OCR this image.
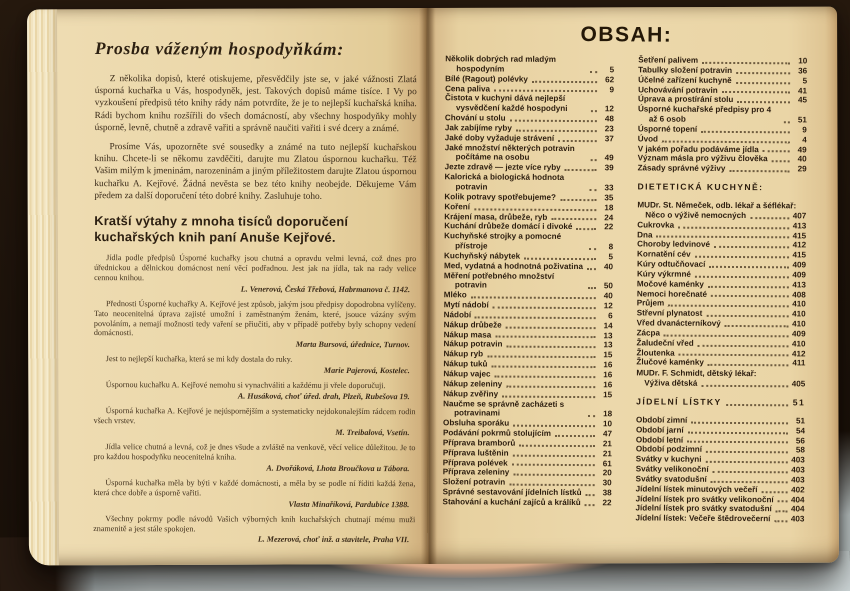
Prosba váženým hospodyňkám:

Z několika dopisů, které otiskujeme, přesvědčily jste se, v jaké vážnosti Zlatá úsporná kuchařka u Vás, hospodyněk, jest. Takových dopisů máme tisíce. I Vy po vyzkoušení předpisů této knihy rády nám potvrdíte, že je to nejlepší kuchařská kniha. Rádi bychom knihu rozšířili do všech domácností, aby všechny hospodyňky mohly úsporně, levně, chutně a zdravě vařiti a správně naučiti vařiti i své dcery a známé.

Prosíme Vás, upozorněte své sousedky a známé na tuto nejlepší kuchařskou knihu. Chcete-li se někomu zavděčiti, darujte mu Zlatou úspornou kuchařku. Též Vašim milým k jmeninám, narozeninám a jiným příležitostem darujte Zlatou úspornou kuchařku A. Kejřové. Žádná nevěsta se bez této knihy neobejde. Děkujeme Vám předem za další doporučení této dobré knihy. Zasluhuje toho.

Kratší výtahy z mnoha tisíců doporučení kuchařských knih paní Anuše Kejřové.

Jídla podle předpisů Úsporné kuchařky jsou chutná a opravdu velmi levná, což dnes pro úřednickou a dělnickou domácnost není věcí podřadnou. Jest jak na jídla, tak na rady velice cennou knihou.

L. Venerová, Česká Třebová, Habrmanova č. 1142.

Přednosti Úsporné kuchařky A. Kejřové jest způsob, jakým jsou předpisy dopodrobna vylíčeny. Tato neocenitelná úprava zajisté umožní i zaměstnaným ženám, které, jsouce vázány svým povoláním, a nemají možnosti tedy vaření se přiučiti, aby v případě potřeby byly schopny vedení domácnosti.

Marta Bursová, úřednice, Turnov.

Jest to nejlepší kuchařka, která se mi kdy dostala do ruky.

Marie Pajerová, Kostelec.

Úspornou kuchařku A. Kejřové nemohu si vynachváliti a každému ji vřele doporučuji.

A. Husáková, choť úřed. drah, Plzeň, Rubešova 19.

Úsporná kuchařka A. Kejřové je nejúspornějším a systematicky nejdokonalejším rádcem rodin všech vrstev.

M. Treibalová, Vsetín.

Jídla velice chutná a levná, což je dnes všude a zvláště na venkově, věcí velice důležitou. Je to pro každou hospodyňku neocenitelná kniha.

A. Dvořáková, Lhota Broučkova u Tábora.

Úsporná kuchařka měla by býti v každé domácnosti, a měla by se podle ní říditi každá žena, která chce dobře a úsporně vařiti.

Vlasta Minaříková, Pardubice 1388.

Všechny pokrmy podle návodů Vašich výborných knih kuchařských chutnají mému muži znamenitě a jest stále spokojen.

L. Mezerová, choť inž. a stavitele, Praha VII.
OBSAH:
Několik dobrých rad mladým hospodyním	5
Bílé (Ragout) polévky	62
Cena paliva	9
Čistota v kuchyni dává nejlepší vysvědčení každé hospodyni	12
Chování u stolu	48
Jak zabíjíme ryby	23
Jaké doby vyžaduje strávení	37
Jaké množství některých potravin počítáme na osobu	49
Jezte zdravě — jezte více ryby	39
Kalorická a biologická hodnota potravin	33
Kolik potravy spotřebujeme?	35
Koření	18
Krájení masa, drůbeže, ryb	24
Kuchání drůbeže domácí i divoké	22
Kuchyňské strojky a pomocné přístroje	8
Kuchyňský nábytek	5
Med, vydatná a hodnotná poživatina	40
Měření potřebného množství potravin	50
Mléko	40
Mytí nádobí	12
Nádobí	6
Nákup drůbeže	14
Nákup masa	13
Nákup potravin	13
Nákup ryb	15
Nákup tuků	16
Nákup vajec	16
Nákup zeleniny	16
Nákup zvěřiny	15
Naučme se správně zacházeti s potravinami	18
Obsluha sporáku	10
Podávání pokrmů stolujícím	47
Příprava bramborů	21
Příprava luštěnin	21
Příprava polévek	61
Příprava zeleniny	20
Složení potravin	30
Správné sestavování jídelních lístků	38
Stahování a kuchání zajíců a králíků	22
Šetření palivem	10
Tabulky složení potravin	36
Účelné zařízení kuchyně	5
Uchovávání potravin	41
Úprava a prostírání stolu	45
Úsporné kuchařské předpisy pro 4 až 6 osob	51
Úsporné topení	9
Úvod	4
V jakém pořadu podáváme jídla	49
Význam másla pro výživu člověka	40
Zásady správné výživy	29
DIETETICKÁ KUCHYNĚ:
MUDr. St. Němeček, odb. lékař a šéflékař:
Něco o výživě nemocných	407
Cukrovka	413
Dna	415
Choroby ledvinové	412
Kornatění cév	415
Kúry odtučňovací	409
Kúry výkrmné	409
Močové kaménky	413
Nemoci horečnaté	408
Průjem	410
Střevní plynatost	410
Vřed dvanácterníkový	410
Zácpa	409
Žaludeční vřed	410
Žloutenka	412
Žlučové kaménky	411
MUDr. F. Schmidt, dětský lékař:
Výživa dětská	405
JÍDELNÍ LÍSTKY	51
Období zimní	51
Období jarní	54
Období letní	56
Období podzimní	58
Svátky v kuchyni	403
Svátky velikonoční	403
Svátky svatodušní	403
Jídelní lístek minutových večeří	402
Jídelní lístek pro svátky velikonoční 404
Jídelní lístek pro svátky svatodušní 404
Jídelní lístek: Večeře štědrovečerní	403
